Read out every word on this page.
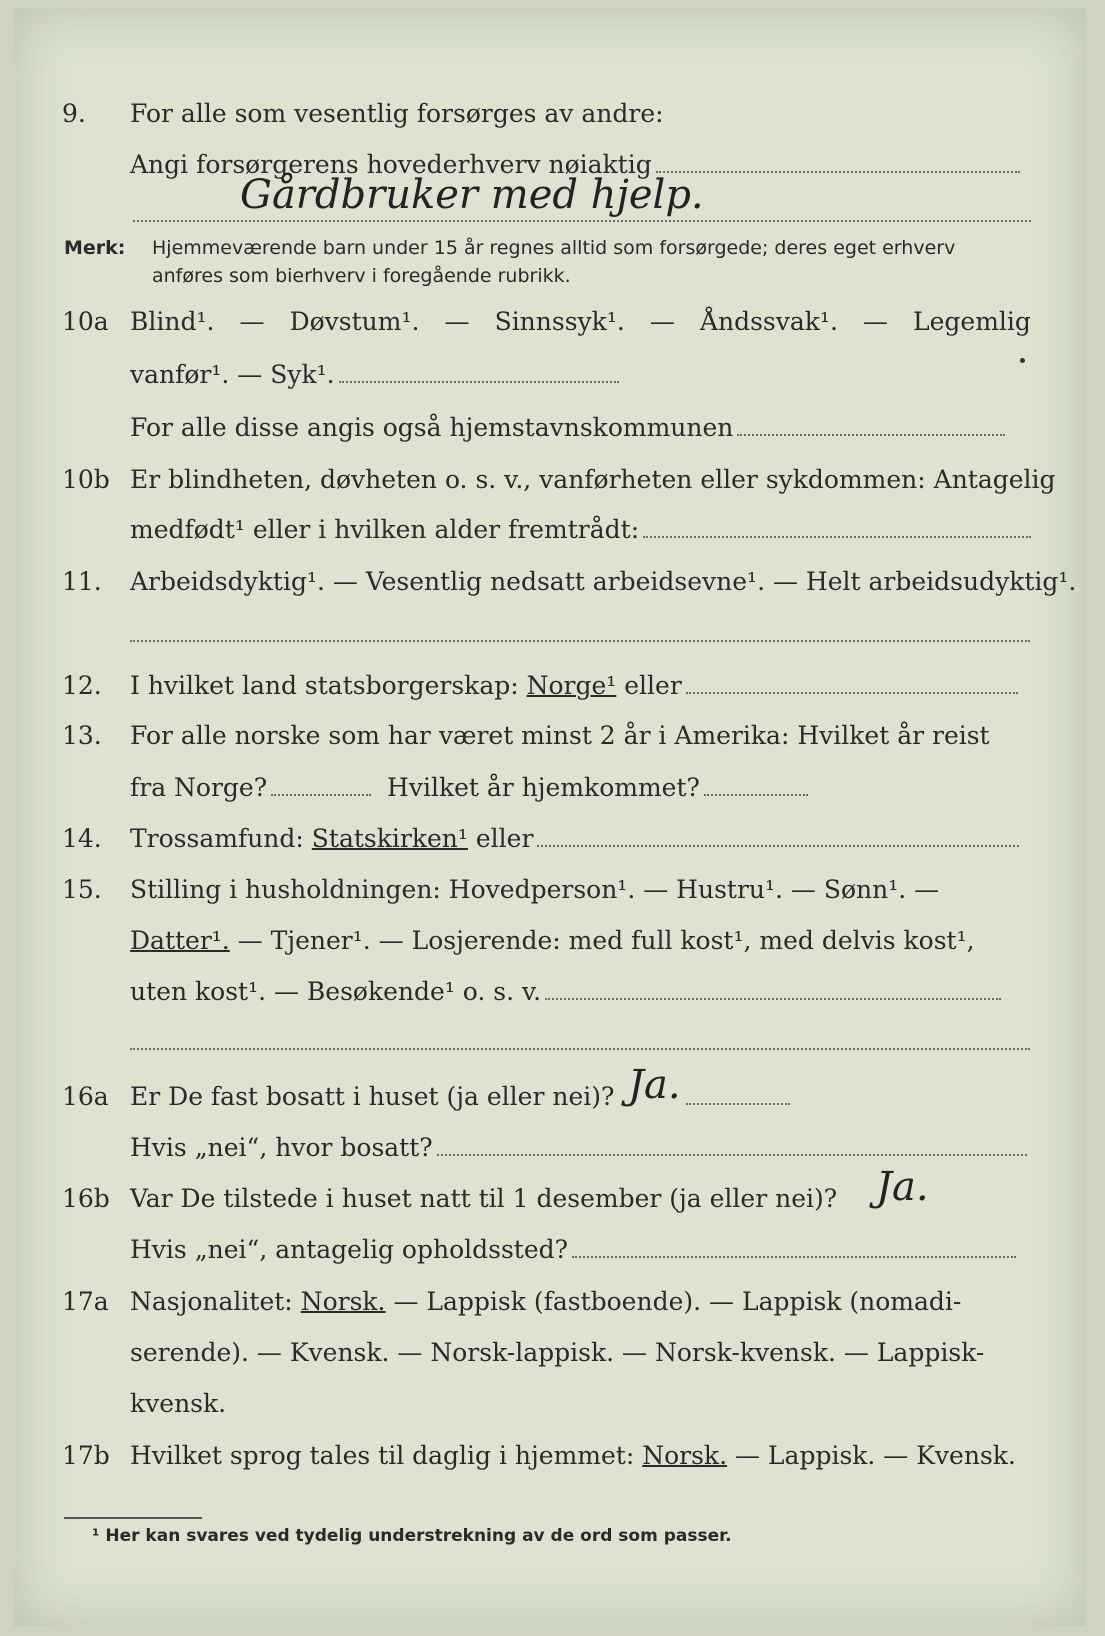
9. For alle som vesentlig forsørges av andre:
Angi forsørgerens hovederhverv nøiaktig
Gårdbruker med hjelp.
Merk: Hjemmeværende barn under 15 år regnes alltid som forsørgede; deres eget erhverv
anføres som bierhverv i foregående rubrikk.
10a Blind¹. — Døvstum¹. — Sinnssyk¹. — Åndssvak¹. — Legemlig
vanfør¹. — Syk¹.
For alle disse angis også hjemstavnskommunen
10b Er blindheten, døvheten o. s. v., vanførheten eller sykdommen: Antagelig
medfødt¹ eller i hvilken alder fremtrådt:
11. Arbeidsdyktig¹. — Vesentlig nedsatt arbeidsevne¹. — Helt arbeidsudyktig¹.
12. I hvilket land statsborgerskap: Norge¹ eller
13. For alle norske som har været minst 2 år i Amerika: Hvilket år reist
fra Norge?	Hvilket år hjemkommet?
14. Trossamfund: Statskirken¹ eller
15. Stilling i husholdningen: Hovedperson¹. — Hustru¹. — Sønn¹. —
Datter¹. — Tjener¹. — Losjerende: med full kost¹, med delvis kost¹,
uten kost¹. — Besøkende¹ o. s. v.
16a Er De fast bosatt i huset (ja eller nei)? Ja.
Hvis „nei“, hvor bosatt?
16b Var De tilstede i huset natt til 1 desember (ja eller nei)? Ja.
Hvis „nei“, antagelig opholdssted?
17a Nasjonalitet: Norsk. — Lappisk (fastboende). — Lappisk (nomadi-
serende). — Kvensk. — Norsk-lappisk. — Norsk-kvensk. — Lappisk-
kvensk.
17b Hvilket sprog tales til daglig i hjemmet: Norsk. — Lappisk. — Kvensk.
¹ Her kan svares ved tydelig understrekning av de ord som passer.
